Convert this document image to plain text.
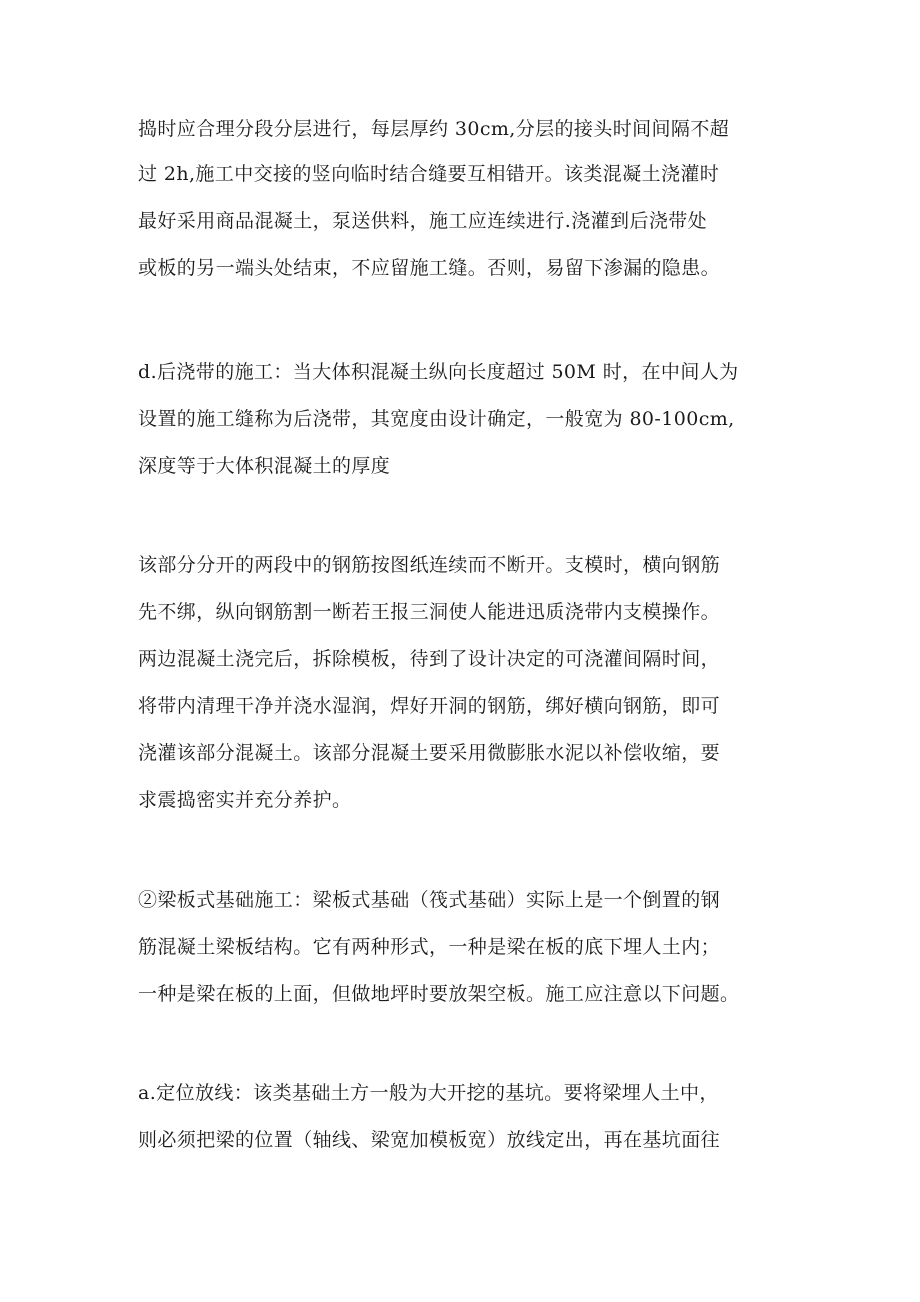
捣时应合理分段分层进行，每层厚约 30cm,分层的接头时间间隔不超
过 2h,施工中交接的竖向临时结合缝要互相错开。该类混凝土浇灌时
最好采用商品混凝土，泵送供料，施工应连续进行.浇灌到后浇带处
或板的另一端头处结束，不应留施工缝。否则，易留下渗漏的隐患。
d.后浇带的施工：当大体积混凝土纵向长度超过 50M 时，在中间人为
设置的施工缝称为后浇带，其宽度由设计确定，一般宽为 80-100cm,
深度等于大体积混凝土的厚度
该部分分开的两段中的钢筋按图纸连续而不断开。支模时，横向钢筋
先不绑，纵向钢筋割一断若王报三洞使人能进迅质浇带内支模操作。
两边混凝土浇完后，拆除模板，待到了设计决定的可浇灌间隔时间，
将带内清理干净并浇水湿润，焊好开洞的钢筋，绑好横向钢筋，即可
浇灌该部分混凝土。该部分混凝土要采用微膨胀水泥以补偿收缩，要
求震捣密实并充分养护。
②梁板式基础施工：梁板式基础（筏式基础）实际上是一个倒置的钢
筋混凝土梁板结构。它有两种形式，一种是梁在板的底下埋人土内；
一种是梁在板的上面，但做地坪时要放架空板。施工应注意以下问题。
a.定位放线：该类基础土方一般为大开挖的基坑。要将梁埋人土中，
则必须把梁的位置（轴线、梁宽加模板宽）放线定出，再在基坑面往
